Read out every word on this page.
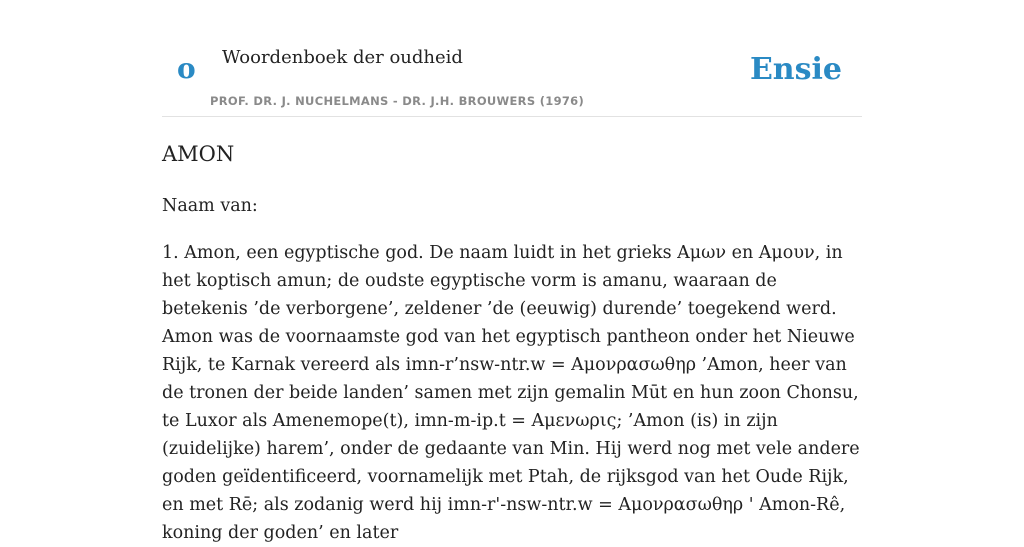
o Woordenboek der oudheid
PROF. DR. J. NUCHELMANS - DR. J.H. BROUWERS (1976)
Ensie
AMON

Naam van:

1. Amon, een egyptische god. De naam luidt in het grieks Αμων en Αμουν, in het koptisch amun; de oudste egyptische vorm is amanu, waaraan de betekenis ’de verborgene’, zeldener ’de (eeuwig) durende’ toegekend werd. Amon was de voornaamste god van het egyptisch pantheon onder het Nieuwe Rijk, te Karnak vereerd als imn-r’nsw-ntr.w = Αμονρασωθηρ ’Amon, heer van de tronen der beide landen’ samen met zijn gemalin Mūt en hun zoon Chonsu, te Luxor als Amenemope(t), imn-m-ip.t = Αμενωρις; ’Amon (is) in zijn (zuidelijke) harem’, onder de gedaante van Min. Hij werd nog met vele andere goden geïdentificeerd, voornamelijk met Ptah, de rijksgod van het Oude Rijk, en met Rē; als zodanig werd hij imn-r'-nsw-ntr.w = Αμονρασωθηρ ' Amon-Rê, koning der goden’ en later
